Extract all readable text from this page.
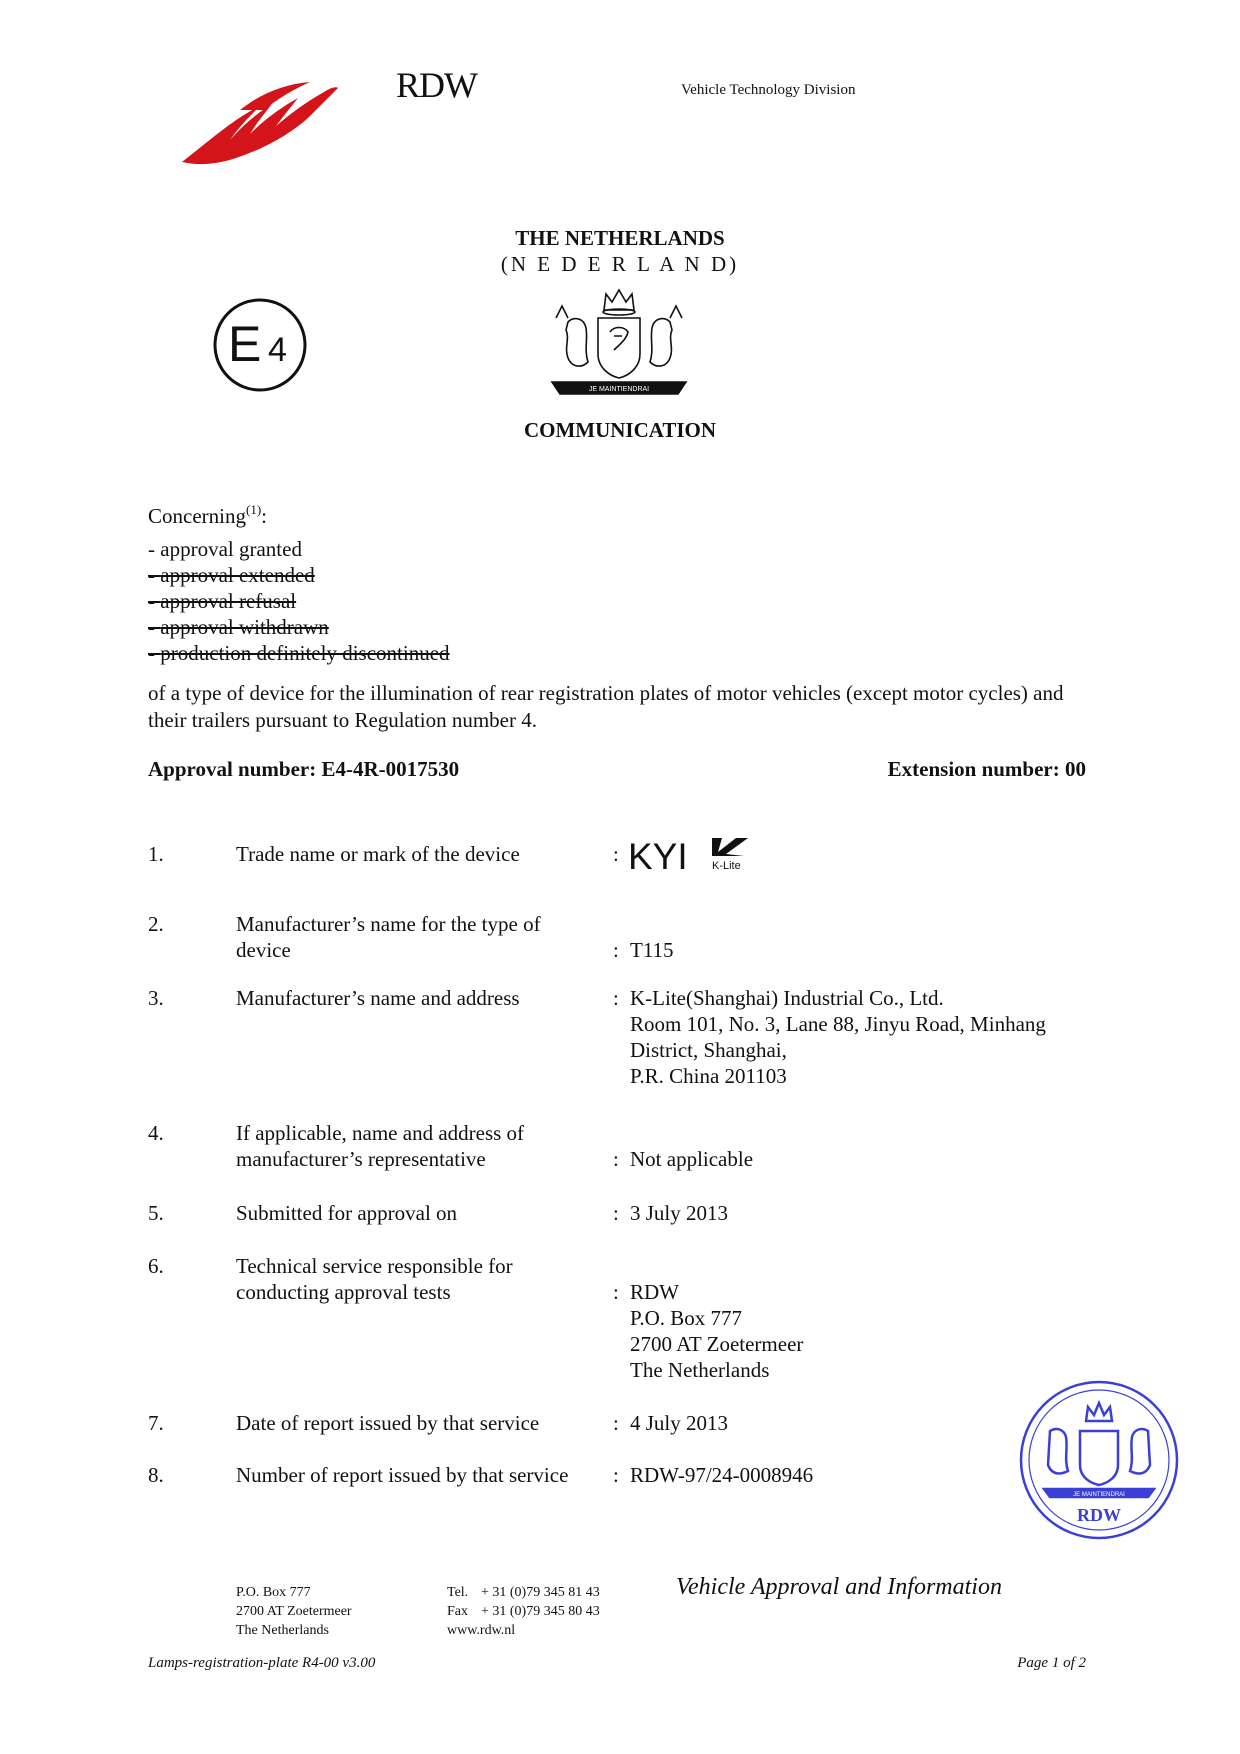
RDW	Vehicle Technology Division
THE NETHERLANDS
(N E D E R L A N D)
E 4
JE MAINTIENDRAI
COMMUNICATION
Concerning$^{(1)}$:
- approval granted
- approval extended
- approval refusal
- approval withdrawn
- production definitely discontinued
of a type of device for the illumination of rear registration plates of motor vehicles (except motor cycles) and their trailers pursuant to Regulation number 4.
Approval number: E4-4R-0017530	Extension number: 00
1.	Trade name or mark of the device	: KYI K-Lite
2.	Manufacturer’s name for the type of device	: T115
3.	Manufacturer’s name and address	: K-Lite(Shanghai) Industrial Co., Ltd.
Room 101, No. 3, Lane 88, Jinyu Road, Minhang
District, Shanghai,
P.R. China 201103
4.	If applicable, name and address of manufacturer’s representative	: Not applicable
5.	Submitted for approval on	: 3 July 2013
6.	Technical service responsible for conducting approval tests	: RDW
P.O. Box 777
2700 AT Zoetermeer
The Netherlands
7.	Date of report issued by that service	: 4 July 2013
8.	Number of report issued by that service	: RDW-97/24-0008946
JE MAINTIENDRAI
RDW
P.O. Box 777
2700 AT Zoetermeer
The Netherlands
Tel. + 31 (0)79 345 81 43
Fax + 31 (0)79 345 80 43
www.rdw.nl
Vehicle Approval and Information
Lamps-registration-plate R4-00 v3.00	Page 1 of 2
